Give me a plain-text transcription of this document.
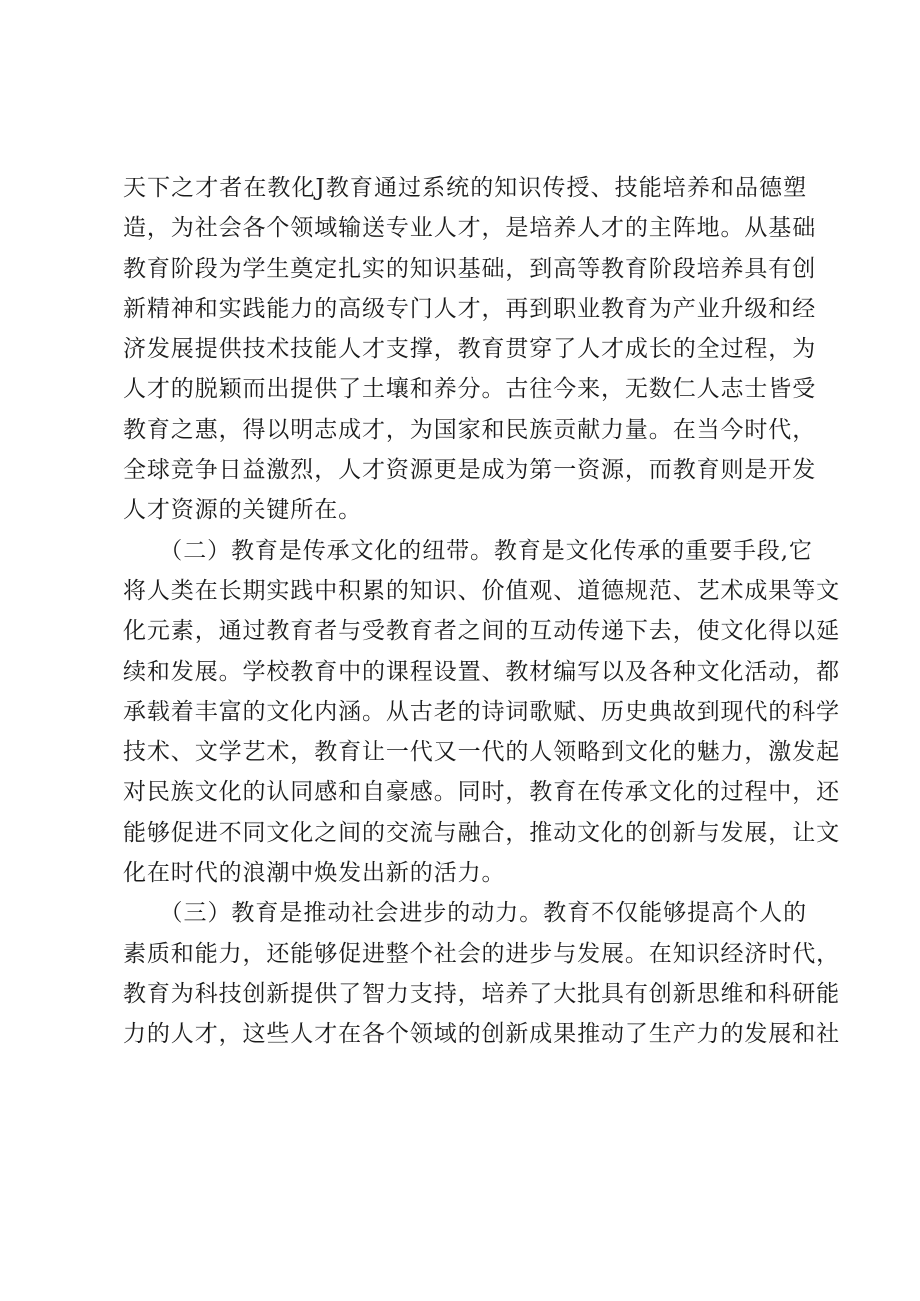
天下之才者在教化J教育通过系统的知识传授、技能培养和品德塑
造，为社会各个领域输送专业人才，是培养人才的主阵地。从基础
教育阶段为学生奠定扎实的知识基础，到高等教育阶段培养具有创
新精神和实践能力的高级专门人才，再到职业教育为产业升级和经
济发展提供技术技能人才支撑，教育贯穿了人才成长的全过程，为
人才的脱颖而出提供了土壤和养分。古往今来，无数仁人志士皆受
教育之惠，得以明志成才，为国家和民族贡献力量。在当今时代，
全球竞争日益激烈，人才资源更是成为第一资源，而教育则是开发
人才资源的关键所在。
　　（二）教育是传承文化的纽带。教育是文化传承的重要手段,它
将人类在长期实践中积累的知识、价值观、道德规范、艺术成果等文
化元素，通过教育者与受教育者之间的互动传递下去，使文化得以延
续和发展。学校教育中的课程设置、教材编写以及各种文化活动，都
承载着丰富的文化内涵。从古老的诗词歌赋、历史典故到现代的科学
技术、文学艺术，教育让一代又一代的人领略到文化的魅力，激发起
对民族文化的认同感和自豪感。同时，教育在传承文化的过程中，还
能够促进不同文化之间的交流与融合，推动文化的创新与发展，让文
化在时代的浪潮中焕发出新的活力。
　　（三）教育是推动社会进步的动力。教育不仅能够提高个人的
素质和能力，还能够促进整个社会的进步与发展。在知识经济时代，
教育为科技创新提供了智力支持，培养了大批具有创新思维和科研能
力的人才，这些人才在各个领域的创新成果推动了生产力的发展和社
